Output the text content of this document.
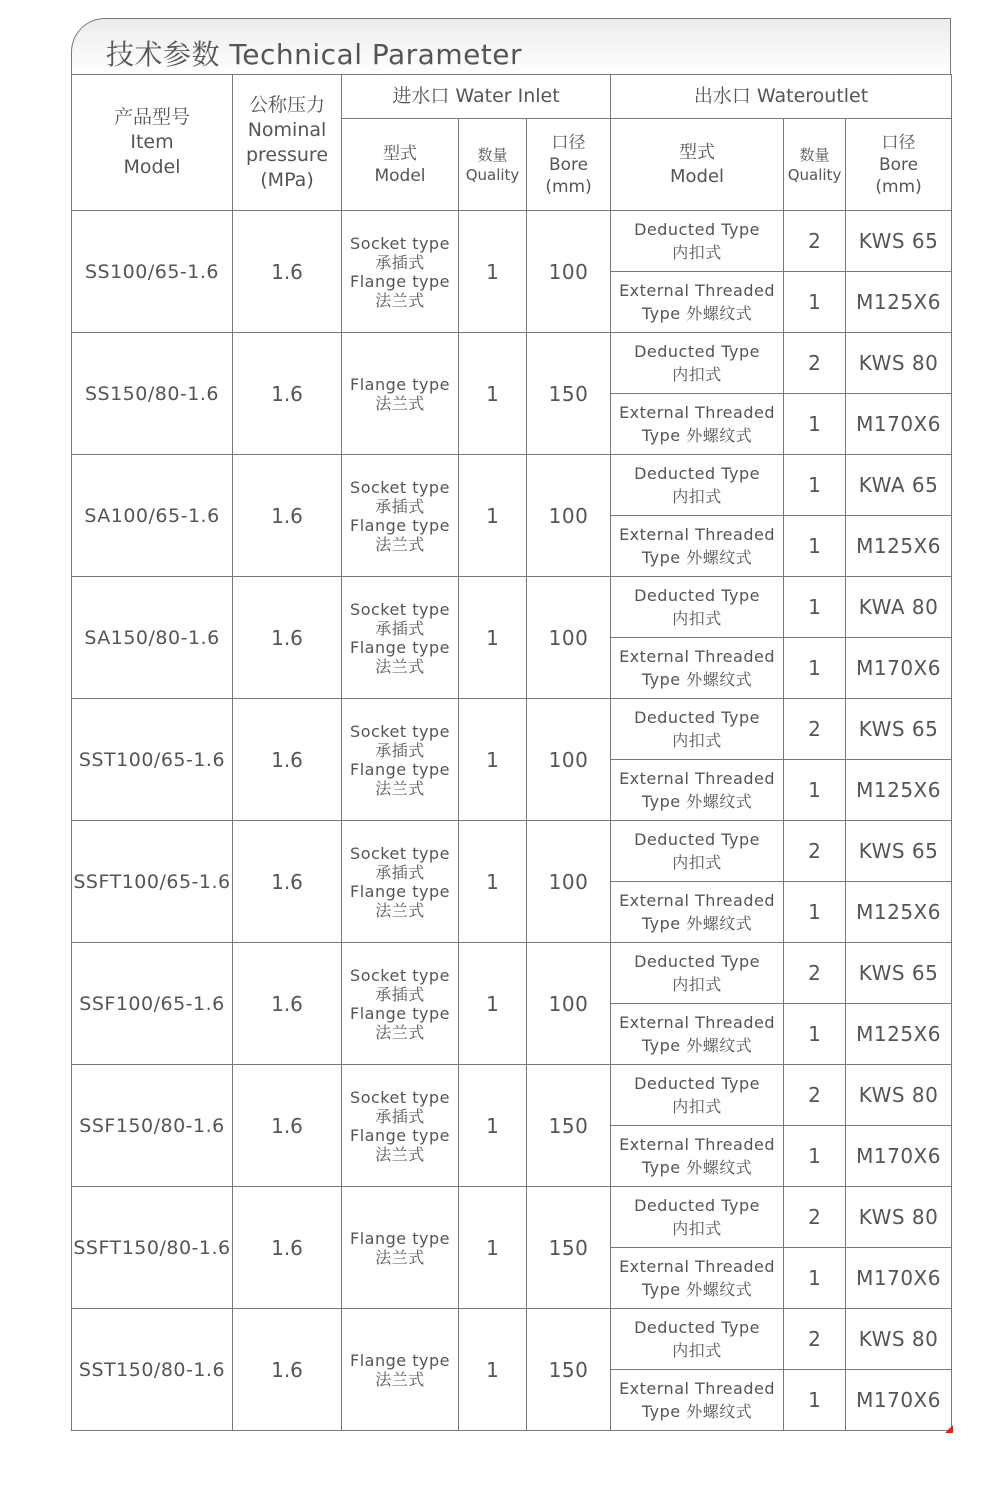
技术参数 Technical Parameter
产品型号
Item
Model	公称压力
Nominal
pressure
(MPa)	进水口 Water Inlet			出水口 Wateroutlet		

		型式
Model	数量
Quality	口径
Bore
(mm)	型式
Model	数量
Quality	口径
Bore
(mm)

SS100/65-1.6	1.6	Socket type
承插式
Flange type
法兰式	1	100	Deducted Type
内扣式	2	KWS 65

					External Threaded
Type 外螺纹式	1	M125X6
SS150/80-1.6	1.6	Flange type
法兰式	1	150	Deducted Type
内扣式	2	KWS 80

					External Threaded
Type 外螺纹式	1	M170X6
SA100/65-1.6	1.6	Socket type
承插式
Flange type
法兰式	1	100	Deducted Type
内扣式	1	KWA 65

					External Threaded
Type 外螺纹式	1	M125X6
SA150/80-1.6	1.6	Socket type
承插式
Flange type
法兰式	1	100	Deducted Type
内扣式	1	KWA 80

					External Threaded
Type 外螺纹式	1	M170X6
SST100/65-1.6	1.6	Socket type
承插式
Flange type
法兰式	1	100	Deducted Type
内扣式	2	KWS 65

					External Threaded
Type 外螺纹式	1	M125X6
SSFT100/65-1.6	1.6	Socket type
承插式
Flange type
法兰式	1	100	Deducted Type
内扣式	2	KWS 65

					External Threaded
Type 外螺纹式	1	M125X6
SSF100/65-1.6	1.6	Socket type
承插式
Flange type
法兰式	1	100	Deducted Type
内扣式	2	KWS 65

					External Threaded
Type 外螺纹式	1	M125X6
SSF150/80-1.6	1.6	Socket type
承插式
Flange type
法兰式	1	150	Deducted Type
内扣式	2	KWS 80

					External Threaded
Type 外螺纹式	1	M170X6
SSFT150/80-1.6	1.6	Flange type
法兰式	1	150	Deducted Type
内扣式	2	KWS 80

					External Threaded
Type 外螺纹式	1	M170X6
SST150/80-1.6	1.6	Flange type
法兰式	1	150	Deducted Type
内扣式	2	KWS 80

					External Threaded
Type 外螺纹式	1	M170X6
